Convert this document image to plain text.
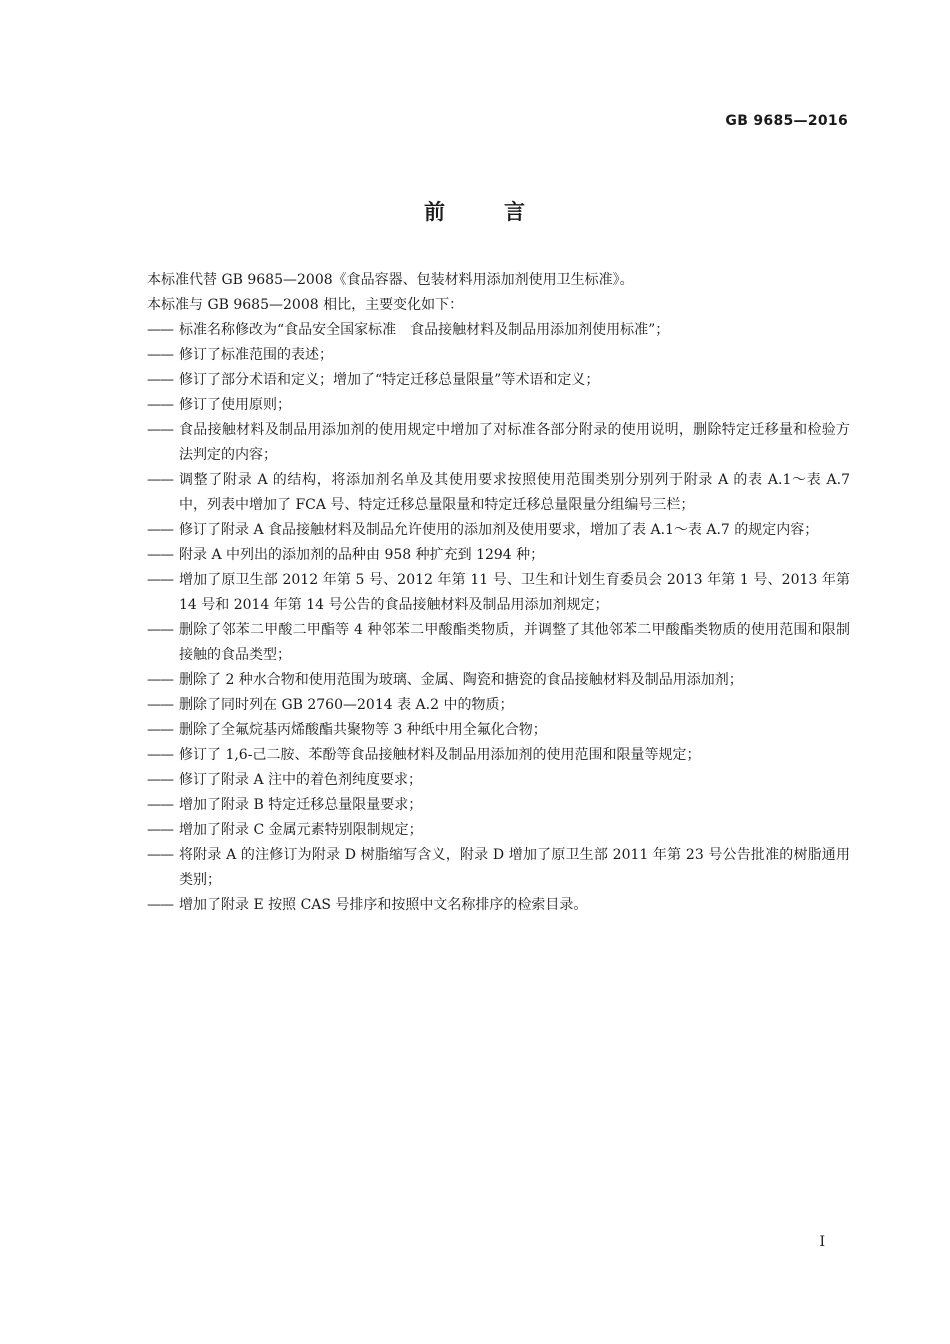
GB 9685—2016
前	言

本标准代替 GB 9685—2008《食品容器、包装材料用添加剂使用卫生标准》。

本标准与 GB 9685—2008 相比，主要变化如下：

—— 标准名称修改为“食品安全国家标准　食品接触材料及制品用添加剂使用标准”；

—— 修订了标准范围的表述；

—— 修订了部分术语和定义；增加了“特定迁移总量限量”等术语和定义；

—— 修订了使用原则；

—— 食品接触材料及制品用添加剂的使用规定中增加了对标准各部分附录的使用说明，删除特定迁移量和检验方法判定的内容；

—— 调整了附录 A 的结构，将添加剂名单及其使用要求按照使用范围类别分别列于附录 A 的表 A.1～表 A.7 中，列表中增加了 FCA 号、特定迁移总量限量和特定迁移总量限量分组编号三栏；

—— 修订了附录 A 食品接触材料及制品允许使用的添加剂及使用要求，增加了表 A.1～表 A.7 的规定内容；

—— 附录 A 中列出的添加剂的品种由 958 种扩充到 1294 种；

—— 增加了原卫生部 2012 年第 5 号、2012 年第 11 号、卫生和计划生育委员会 2013 年第 1 号、2013 年第 14 号和 2014 年第 14 号公告的食品接触材料及制品用添加剂规定；

—— 删除了邻苯二甲酸二甲酯等 4 种邻苯二甲酸酯类物质，并调整了其他邻苯二甲酸酯类物质的使用范围和限制接触的食品类型；

—— 删除了 2 种水合物和使用范围为玻璃、金属、陶瓷和搪瓷的食品接触材料及制品用添加剂；

—— 删除了同时列在 GB 2760—2014 表 A.2 中的物质；

—— 删除了全氟烷基丙烯酸酯共聚物等 3 种纸中用全氟化合物；

—— 修订了 1,6-己二胺、苯酚等食品接触材料及制品用添加剂的使用范围和限量等规定；

—— 修订了附录 A 注中的着色剂纯度要求；

—— 增加了附录 B 特定迁移总量限量要求；

—— 增加了附录 C 金属元素特别限制规定；

—— 将附录 A 的注修订为附录 D 树脂缩写含义，附录 D 增加了原卫生部 2011 年第 23 号公告批准的树脂通用类别；

—— 增加了附录 E 按照 CAS 号排序和按照中文名称排序的检索目录。

I
